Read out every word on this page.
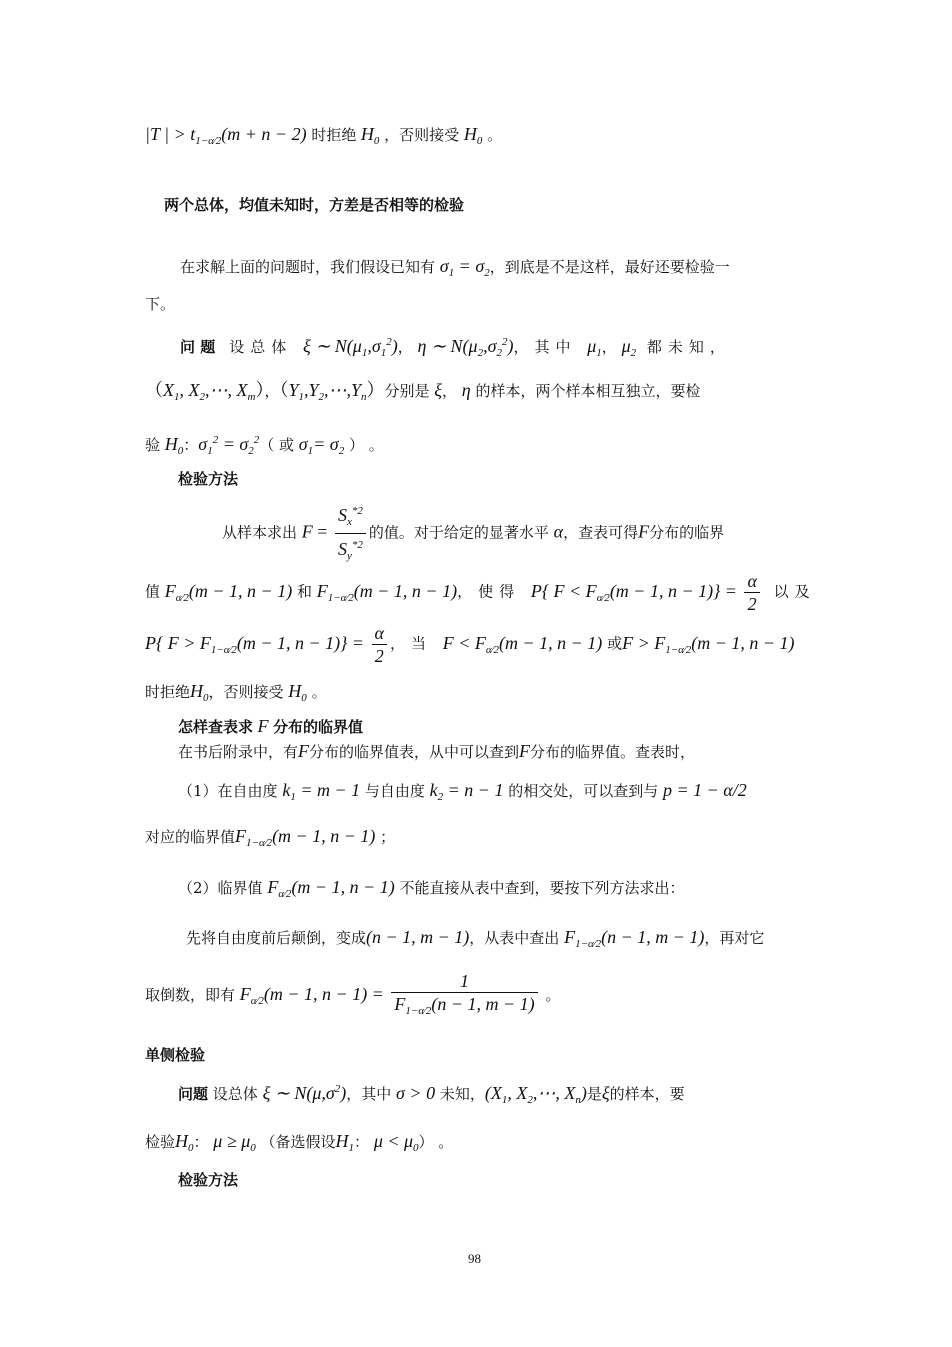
|T | > $t_{1-\alpha⁄2}(m + n - 2)$ 时拒绝 $H_0$ ，否则接受 $H_0$ 。
两个总体，均值未知时，方差是否相等的检验
在求解上面的问题时，我们假设已知有 $\sigma_1 = \sigma_2$，到底是不是这样，最好还要检验一
下。
问 题 设总体 ξ ∼ $N(\mu_1,\sigma_1^2)$， η ∼ $N(\mu_2,\sigma_2^2)$，其中 $\mu_1$， $\mu_2$ 都未知，
（$X_1$, $X_2,\cdots$, $X_m$），$(Y_1,Y_2,\cdots,Y_n)$分别是 ξ， η 的样本，两个样本相互独立，要检
验 $H_0$：$\sigma_1^2 = \sigma_2^2$（ 或 $\sigma_1= \sigma_2$ ） 。
检验方法
从样本求出 $F = \frac{S_x^{*2}}{S_y^{*2}}$ 的值。对于给定的显著水平 α，查表可得F分布的临界
值 $F_{\alpha⁄2}(m - 1$, n − 1) 和 $F_{1-\alpha⁄2}(m - 1$, n − 1)，使得 P{ $F < F_{\alpha⁄2}(m - 1$, $n - 1)\} = \frac{\alpha}{2}$ 以及
P{ $F > F_{1-\alpha⁄2}(m - 1$, $n - 1)\} = \frac{\alpha}{2}$ ，当 $F < F_{\alpha⁄2}(m - 1$, n − 1) 或$F > F_{1-\alpha⁄2}(m - 1$, n − 1)
时拒绝$H_0$，否则接受 $H_0$ 。
怎样查表求 F 分布的临界值
在书后附录中，有F分布的临界值表，从中可以查到F分布的临界值。查表时，
（1）在自由度 $k_1 = m - 1$ 与自由度 $k_2 = n - 1$ 的相交处，可以查到与 p = 1 − α/2
对应的临界值$F_{1-\alpha⁄2}(m - 1$, n − 1) ；
（2）临界值 $F_{\alpha⁄2}(m - 1$, n − 1) 不能直接从表中查到，要按下列方法求出：
先将自由度前后颠倒，变成(n − 1, m − 1)，从表中查出 $F_{1-\alpha⁄2}(n - 1$, m − 1)，再对它
取倒数，即有 $F_{\alpha⁄2}(m - 1$, $n - 1) = \frac{1}{F_{1-\alpha⁄2}(n - 1, m - 1)}$ 。
单侧检验
问题 设总体 ξ ∼ $N(\mu,\sigma^2)$，其中 σ > 0 未知，($X_1$, $X_2,\cdots$, $X_n$)是ξ的样本，要
检验$H_0$： $\mu \ge \mu_0$ （备选假设$H_1$： $\mu < \mu_0$） 。
检验方法
98
